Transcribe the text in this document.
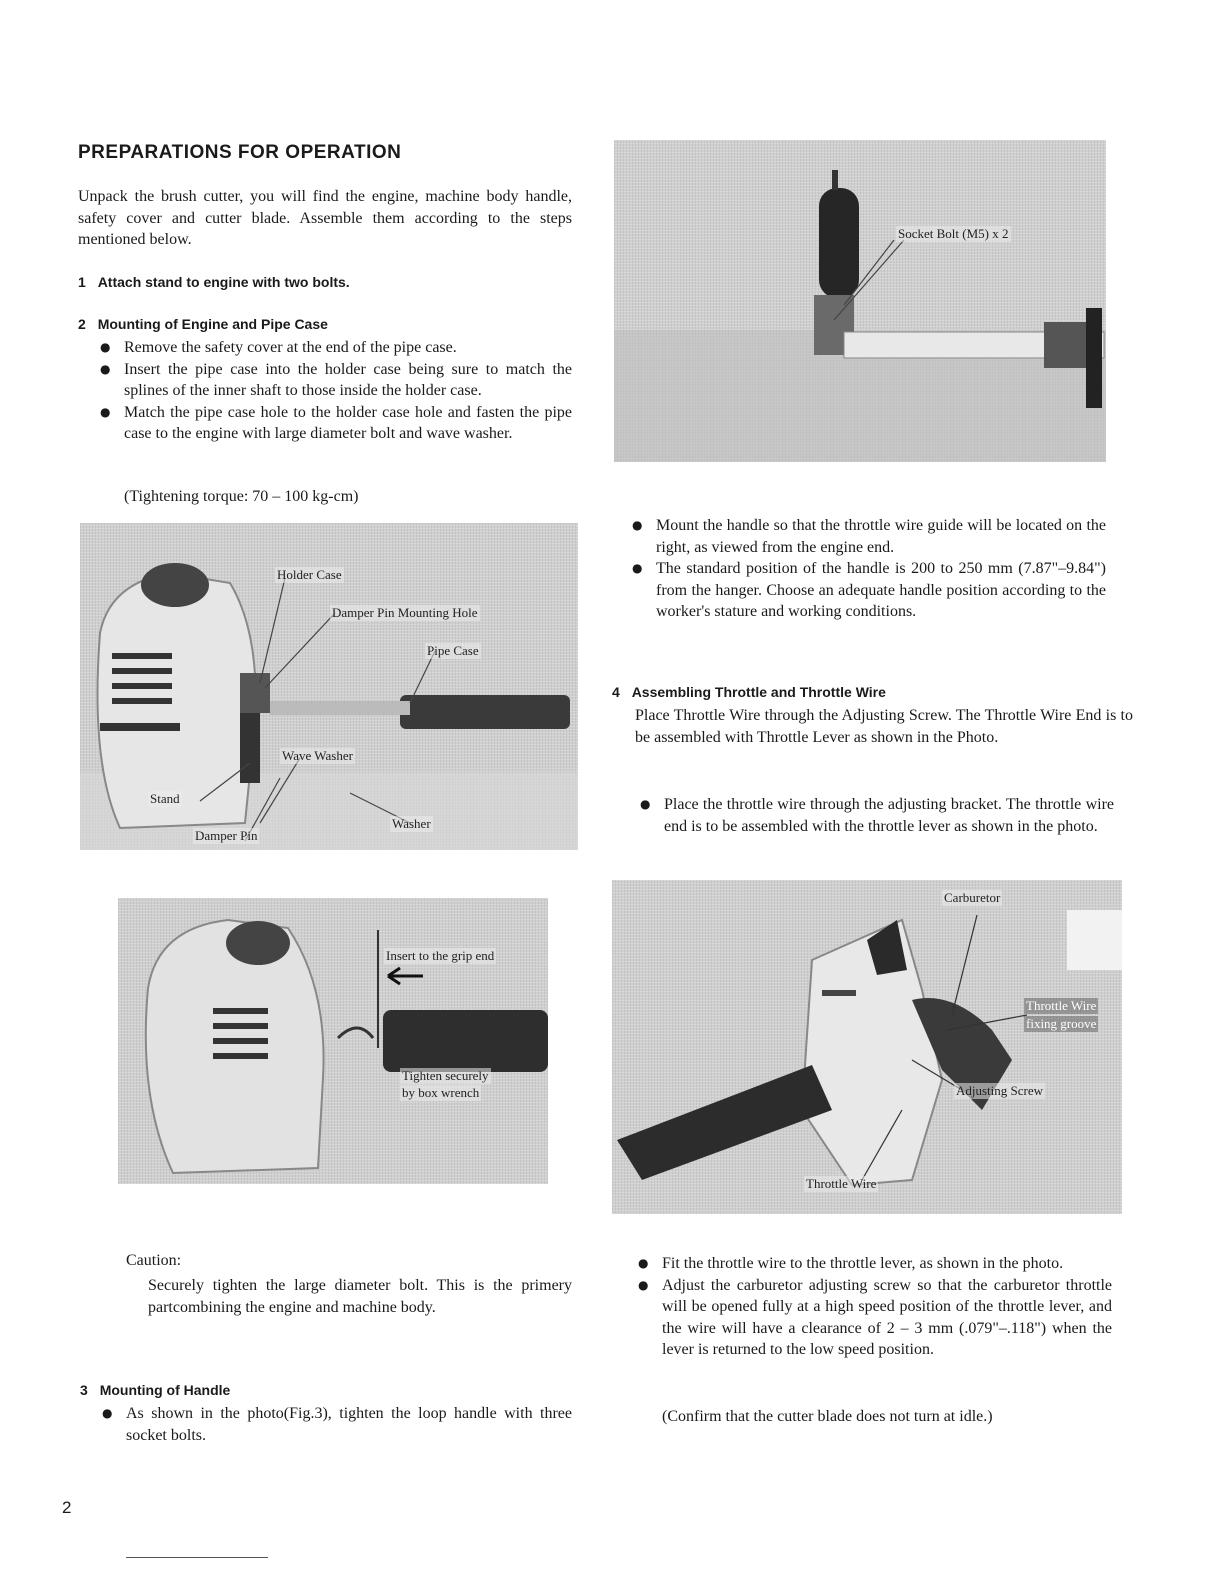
PREPARATIONS FOR OPERATION
Unpack the brush cutter, you will find the engine, machine body handle, safety cover and cutter blade. Assemble them according to the steps mentioned below.
1 Attach stand to engine with two bolts.
2 Mounting of Engine and Pipe Case
● Remove the safety cover at the end of the pipe case.
● Insert the pipe case into the holder case being sure to match the splines of the inner shaft to those inside the holder case.
● Match the pipe case hole to the holder case hole and fasten the pipe case to the engine with large diameter bolt and wave washer.
(Tightening torque: 70 – 100 kg-cm)
Holder Case
Damper Pin Mounting Hole
Pipe Case
Wave Washer
Stand
Damper Pin
Washer
Insert to the grip end
Tighten securely
by box wrench
Caution:
Securely tighten the large diameter bolt. This is the primery partcombining the engine and machine body.
3 Mounting of Handle
● As shown in the photo(Fig.3), tighten the loop handle with three socket bolts.
2
Socket Bolt (M5) x 2
● Mount the handle so that the throttle wire guide will be located on the right, as viewed from the engine end.
● The standard position of the handle is 200 to 250 mm (7.87"–9.84") from the hanger. Choose an adequate handle position according to the worker's stature and working conditions.
4 Assembling Throttle and Throttle Wire
Place Throttle Wire through the Adjusting Screw. The Throttle Wire End is to be assembled with Throttle Lever as shown in the Photo.
● Place the throttle wire through the adjusting bracket. The throttle wire end is to be assembled with the throttle lever as shown in the photo.
Carburetor
Throttle Wire
fixing groove
Adjusting Screw
Throttle Wire
● Fit the throttle wire to the throttle lever, as shown in the photo.
● Adjust the carburetor adjusting screw so that the carburetor throttle will be opened fully at a high speed position of the throttle lever, and the wire will have a clearance of 2 – 3 mm (.079"–.118") when the lever is returned to the low speed position.
(Confirm that the cutter blade does not turn at idle.)
